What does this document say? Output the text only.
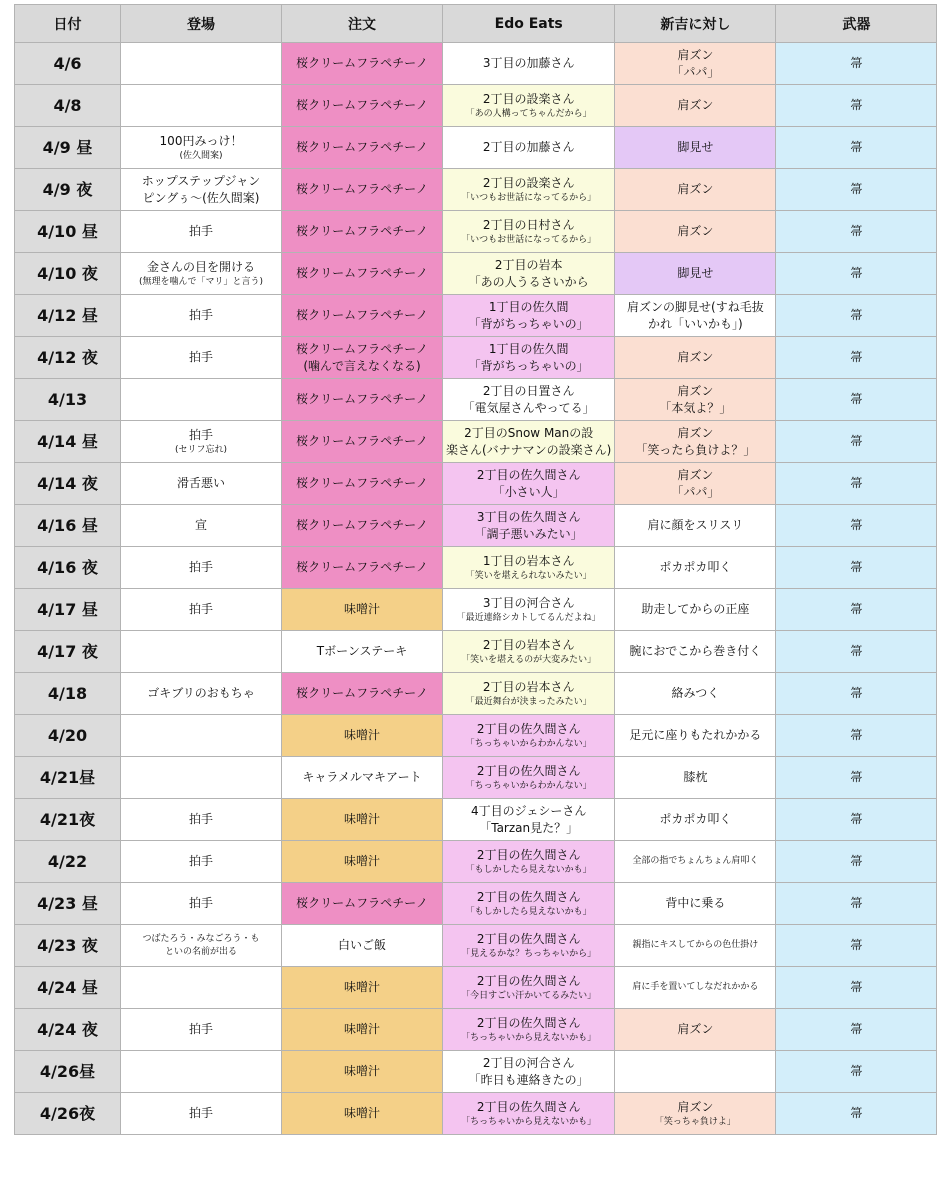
日付	登場	注文	Edo Eats	新吉に対し	武器
4/6		桜クリームフラペチーノ	3丁目の加藤さん	肩ズン
「パパ」	箒

4/8		桜クリームフラペチーノ	2丁目の設楽さん
「あの人構ってちゃんだから」	肩ズン	箒

4/9 昼	100円みっけ！
(佐久間案)	桜クリームフラペチーノ	2丁目の加藤さん	脚見せ	箒

4/9 夜	ホップステップジャン
ピングぅ〜(佐久間案)	桜クリームフラペチーノ	2丁目の設楽さん
「いつもお世話になってるから」	肩ズン	箒

4/10 昼	拍手	桜クリームフラペチーノ	2丁目の日村さん
「いつもお世話になってるから」	肩ズン	箒

4/10 夜	金さんの目を開ける
(無理を噛んで「マリ」と言う)	桜クリームフラペチーノ	2丁目の岩本
「あの人うるさいから	脚見せ	箒

4/12 昼	拍手	桜クリームフラペチーノ	1丁目の佐久間
「背がちっちゃいの」	肩ズンの脚見せ(すね毛抜
かれ「いいかも」)	箒

4/12 夜	拍手	桜クリームフラペチーノ
(噛んで言えなくなる)	1丁目の佐久間
「背がちっちゃいの」	肩ズン	箒

4/13		桜クリームフラペチーノ	2丁目の日置さん
「電気屋さんやってる」	肩ズン
「本気よ？」	箒

4/14 昼	拍手
(セリフ忘れ)	桜クリームフラペチーノ	2丁目のSnow Manの設
楽さん(バナナマンの設楽さん)	肩ズン
「笑ったら負けよ？」	箒

4/14 夜	滑舌悪い	桜クリームフラペチーノ	2丁目の佐久間さん
「小さい人」	肩ズン
「パパ」	箒

4/16 昼	宣	桜クリームフラペチーノ	3丁目の佐久間さん
「調子悪いみたい」	肩に顔をスリスリ	箒

4/16 夜	拍手	桜クリームフラペチーノ	1丁目の岩本さん
「笑いを堪えられないみたい」	ポカポカ叩く	箒

4/17 昼	拍手	味噌汁	3丁目の河合さん
「最近連絡シカトしてるんだよね」	助走してからの正座	箒

4/17 夜		Tボーンステーキ	2丁目の岩本さん
「笑いを堪えるのが大変みたい」	腕におでこから巻き付く	箒

4/18	ゴキブリのおもちゃ	桜クリームフラペチーノ	2丁目の岩本さん
「最近舞台が決まったみたい」	絡みつく	箒

4/20		味噌汁	2丁目の佐久間さん
「ちっちゃいからわかんない」	足元に座りもたれかかる	箒

4/21昼		キャラメルマキアート	2丁目の佐久間さん
「ちっちゃいからわかんない」	膝枕	箒

4/21夜	拍手	味噌汁	4丁目のジェシーさん
「Tarzan見た？」	ポカポカ叩く	箒

4/22	拍手	味噌汁	2丁目の佐久間さん
「もしかしたら見えないかも」	全部の指でちょんちょん肩叩く	箒

4/23 昼	拍手	桜クリームフラペチーノ	2丁目の佐久間さん
「もしかしたら見えないかも」	背中に乗る	箒

4/23 夜	つばたろう・みなごろう・も
といの名前が出る	白いご飯	2丁目の佐久間さん
「見えるかな？ちっちゃいから」	親指にキスしてからの色仕掛け	箒

4/24 昼		味噌汁	2丁目の佐久間さん
「今日すごい汗かいてるみたい」	肩に手を置いてしなだれかかる	箒

4/24 夜	拍手	味噌汁	2丁目の佐久間さん
「ちっちゃいから見えないかも」	肩ズン	箒

4/26昼		味噌汁	2丁目の河合さん
「昨日も連絡きたの」		箒

4/26夜	拍手	味噌汁	2丁目の佐久間さん
「ちっちゃいから見えないかも」	肩ズン
「笑っちゃ負けよ」	箒
